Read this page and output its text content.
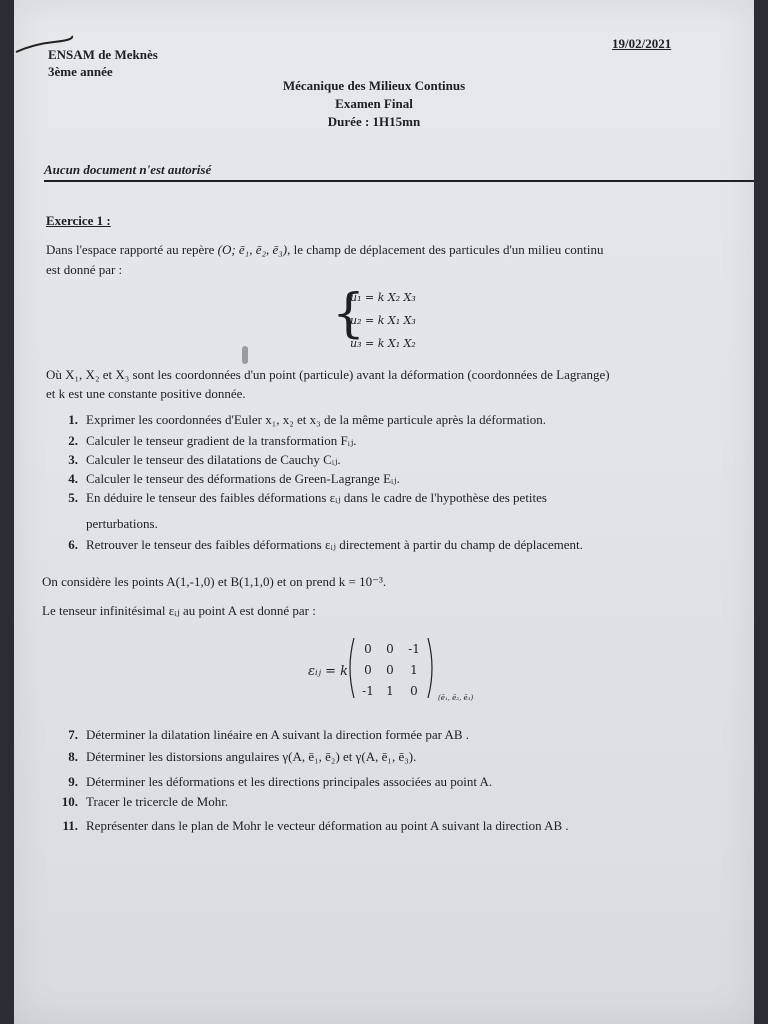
ENSAM de Meknès
3ème année
19/02/2021
Mécanique des Milieux Continus
Examen Final
Durée : 1H15mn
Aucun document n'est autorisé
Exercice 1 :
Dans l'espace rapporté au repère (O; ē₁, ē₂, ē₃), le champ de déplacement des particules d'un milieu continu
est donné par :
{
u₁ = k X₂ X₃
u₂ = k X₁ X₃
u₃ = k X₁ X₂
Où X₁, X₂ et X₃ sont les coordonnées d'un point (particule) avant la déformation (coordonnées de Lagrange)
et k est une constante positive donnée.
1. Exprimer les coordonnées d'Euler x₁, x₂ et x₃ de la même particule après la déformation.
2. Calculer le tenseur gradient de la transformation Fᵢⱼ.
3. Calculer le tenseur des dilatations de Cauchy Cᵢⱼ.
4. Calculer le tenseur des déformations de Green-Lagrange Eᵢⱼ.
5. En déduire le tenseur des faibles déformations εᵢⱼ dans le cadre de l'hypothèse des petites
perturbations.
6. Retrouver le tenseur des faibles déformations εᵢⱼ directement à partir du champ de déplacement.
On considère les points A(1,-1,0) et B(1,1,0) et on prend k = 10⁻³.
Le tenseur infinitésimal εᵢⱼ au point A est donné par :
εᵢⱼ = k
0	0	-1
0	0	1
-1	1	0	(ē₁, ē₂, ē₃)
7. Déterminer la dilatation linéaire en A suivant la direction formée par AB .
8. Déterminer les distorsions angulaires γ(A, ē₁, ē₂) et γ(A, ē₁, ē₃).
9. Déterminer les déformations et les directions principales associées au point A.
10. Tracer le tricercle de Mohr.
11. Représenter dans le plan de Mohr le vecteur déformation au point A suivant la direction AB .
